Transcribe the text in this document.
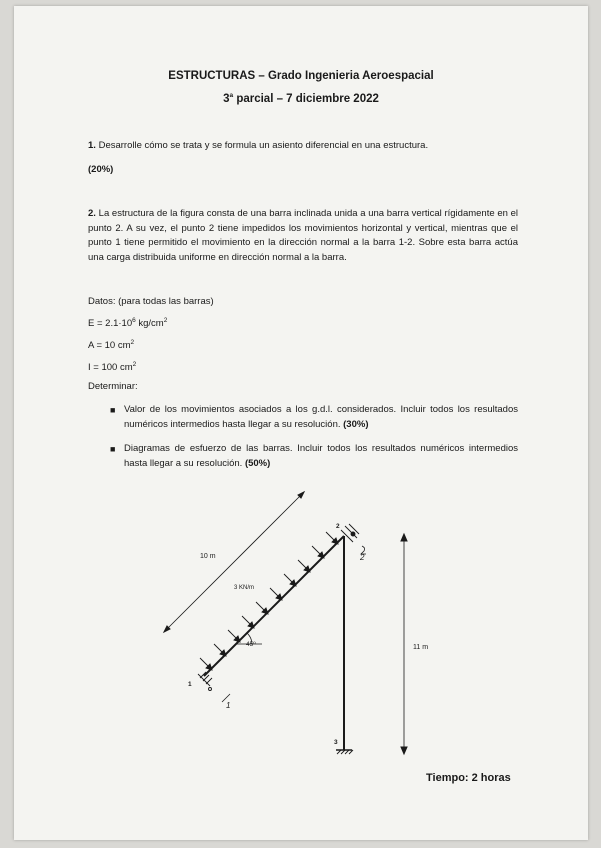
ESTRUCTURAS – Grado Ingenieria Aeroespacial
3$^a$ parcial – 7 diciembre 2022
1. Desarrolle cómo se trata y se formula un asiento diferencial en una estructura.
(20%)
2. La estructura de la figura consta de una barra inclinada unida a una barra vertical rígidamente en el punto 2. A su vez, el punto 2 tiene impedidos los movimientos horizontal y vertical, mientras que el punto 1 tiene permitido el movimiento en la dirección normal a la barra 1-2. Sobre esta barra actúa una carga distribuida uniforme en dirección normal a la barra.
Datos: (para todas las barras)
$E = 2.1\cdot 10^6$ $kg/cm^2$
A = 10 $cm^2$
I = 100 $cm^2$
Determinar:
■ Valor de los movimientos asociados a los g.d.l. considerados. Incluir todos los resultados numéricos intermedios hasta llegar a su resolución. (30%)
■ Diagramas de esfuerzo de las barras. Incluir todos los resultados numéricos intermedios hasta llegar a su resolución. (50%)
10 m
3 KN/m
45º	11 m
1
2
3
2
1
Tiempo: 2 horas
